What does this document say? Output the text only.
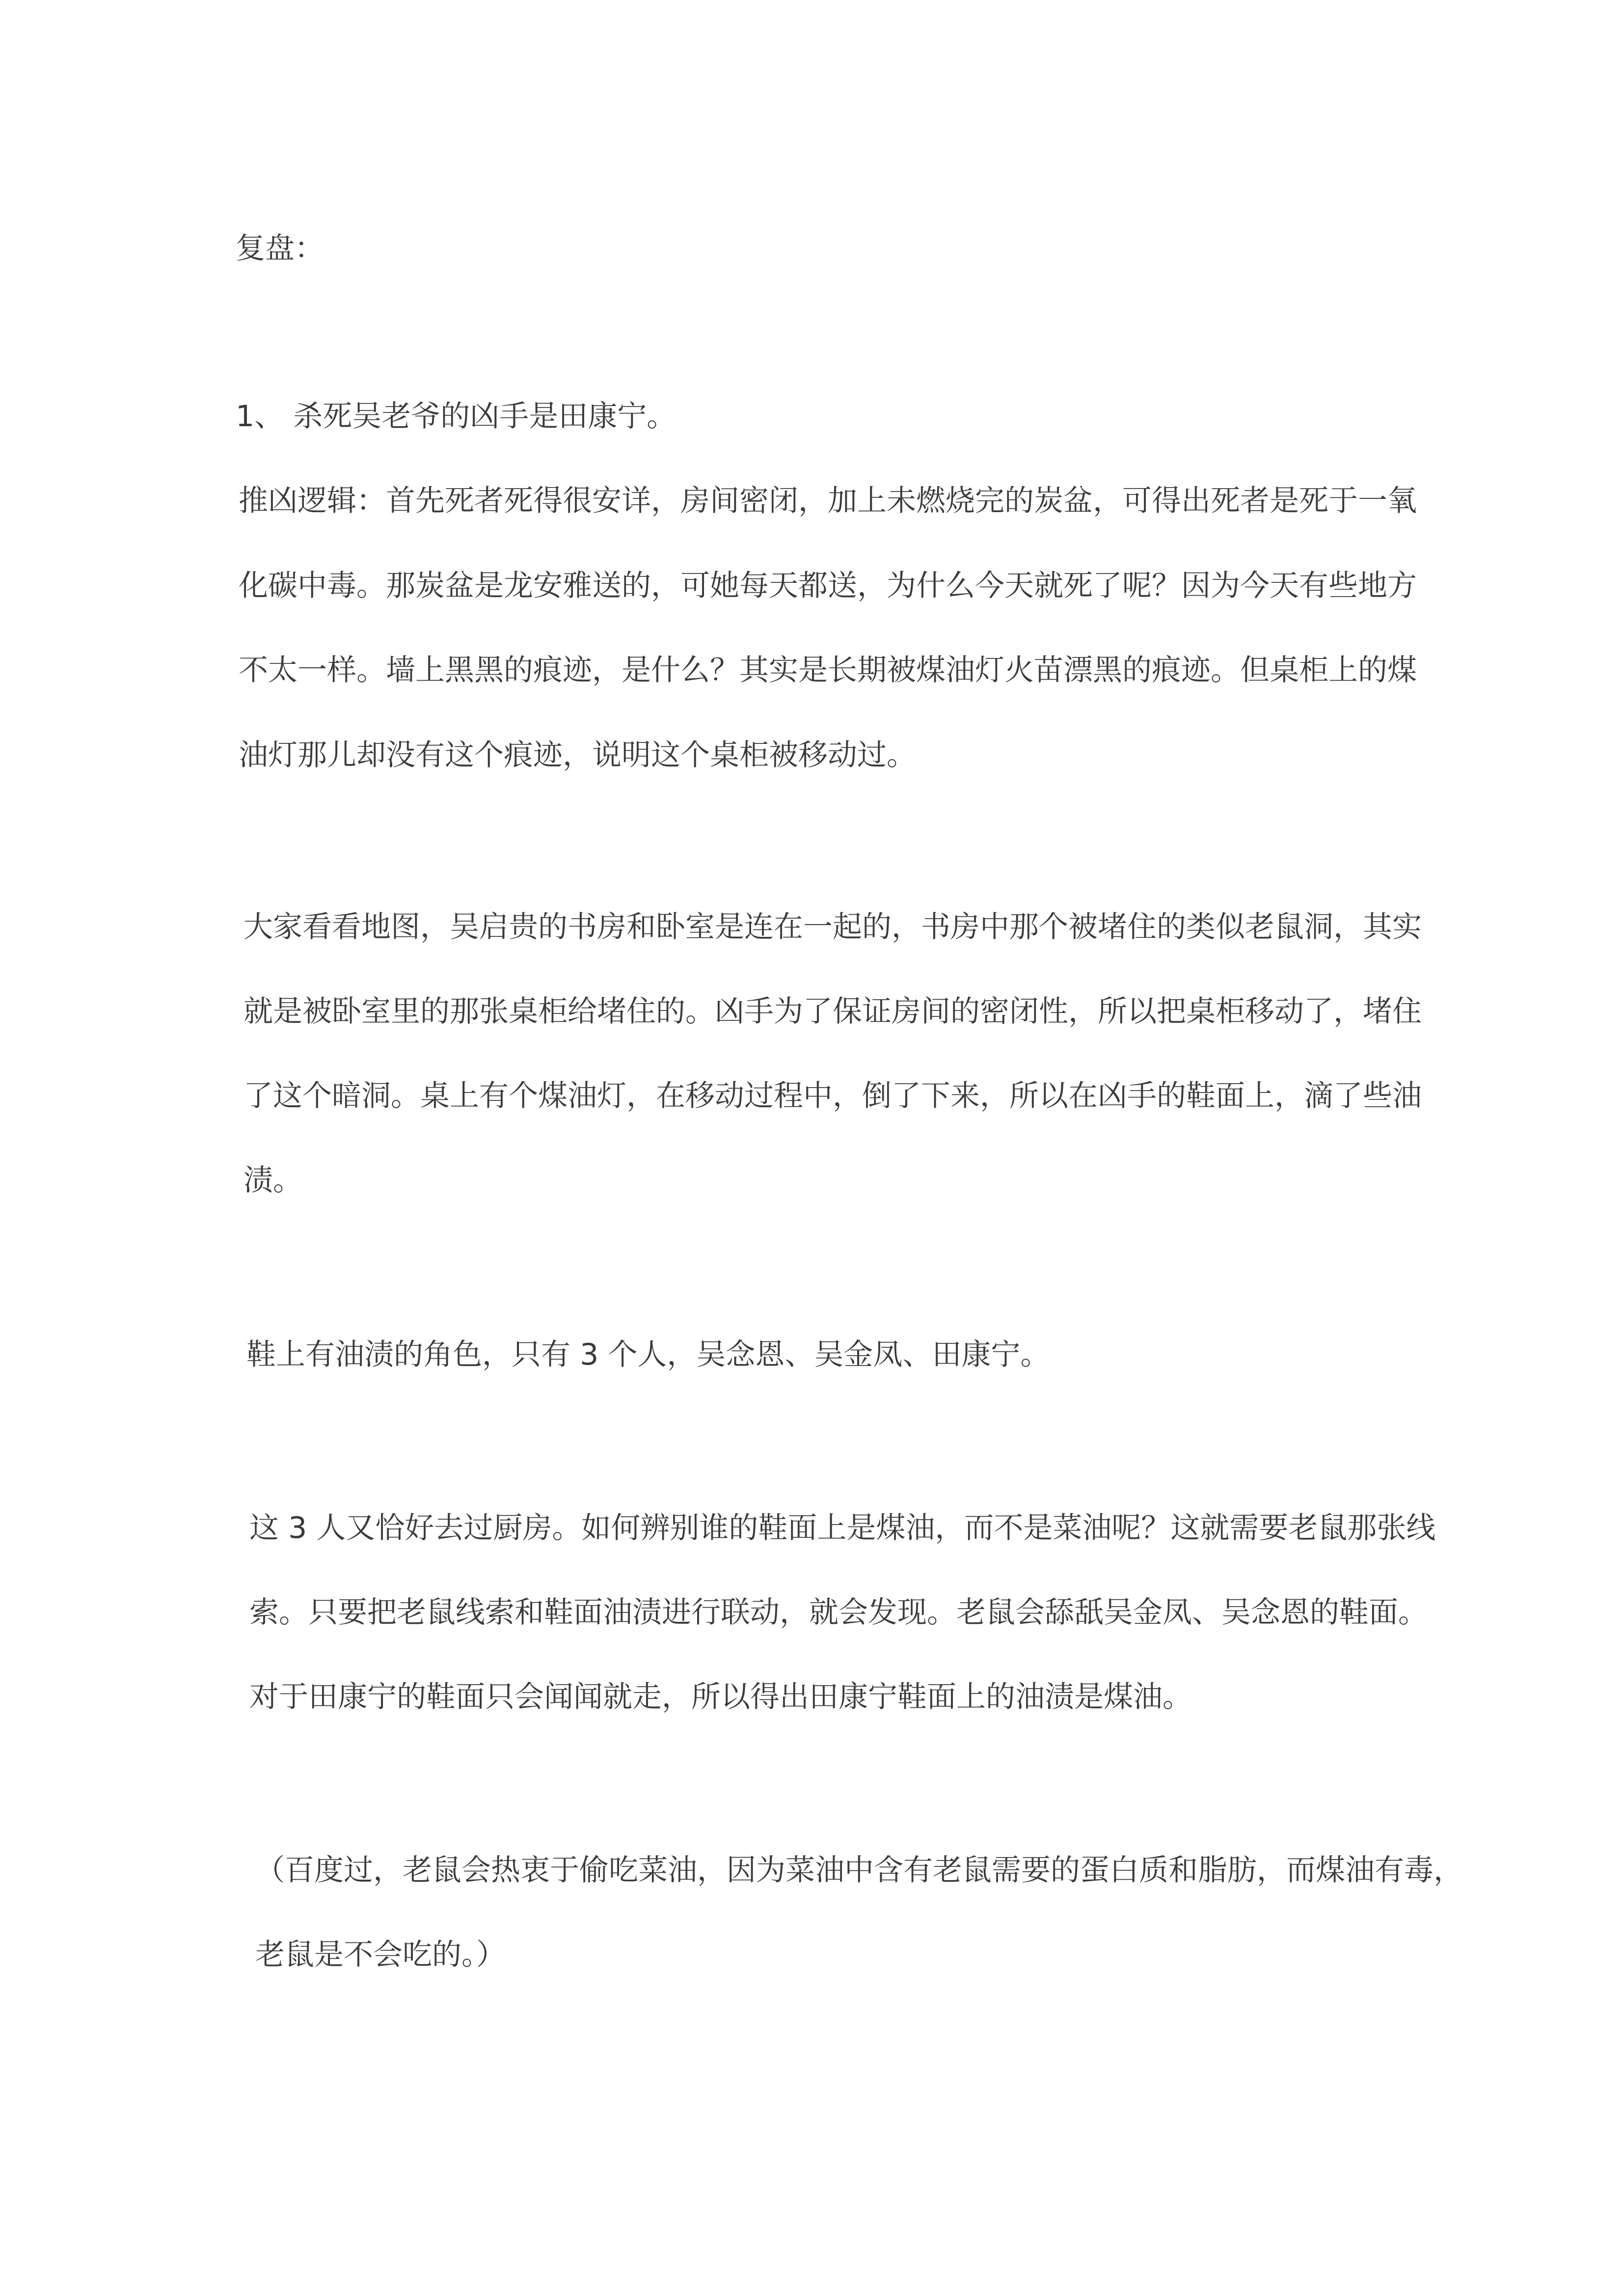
复盘：
1、 杀死吴老爷的凶手是田康宁。
推凶逻辑：首先死者死得很安详，房间密闭，加上未燃烧完的炭盆，可得出死者是死于一氧
化碳中毒。那炭盆是龙安雅送的，可她每天都送，为什么今天就死了呢？因为今天有些地方
不太一样。墙上黑黑的痕迹，是什么？其实是长期被煤油灯火苗漂黑的痕迹。但桌柜上的煤
油灯那儿却没有这个痕迹，说明这个桌柜被移动过。
大家看看地图，吴启贵的书房和卧室是连在一起的，书房中那个被堵住的类似老鼠洞，其实
就是被卧室里的那张桌柜给堵住的。凶手为了保证房间的密闭性，所以把桌柜移动了，堵住
了这个暗洞。桌上有个煤油灯，在移动过程中，倒了下来，所以在凶手的鞋面上，滴了些油
渍。
鞋上有油渍的角色，只有 3 个人，吴念恩、吴金凤、田康宁。
这 3 人又恰好去过厨房。如何辨别谁的鞋面上是煤油，而不是菜油呢？这就需要老鼠那张线
索。只要把老鼠线索和鞋面油渍进行联动，就会发现。老鼠会舔舐吴金凤、吴念恩的鞋面。
对于田康宁的鞋面只会闻闻就走，所以得出田康宁鞋面上的油渍是煤油。
（百度过，老鼠会热衷于偷吃菜油，因为菜油中含有老鼠需要的蛋白质和脂肪，而煤油有毒，
老鼠是不会吃的。）
